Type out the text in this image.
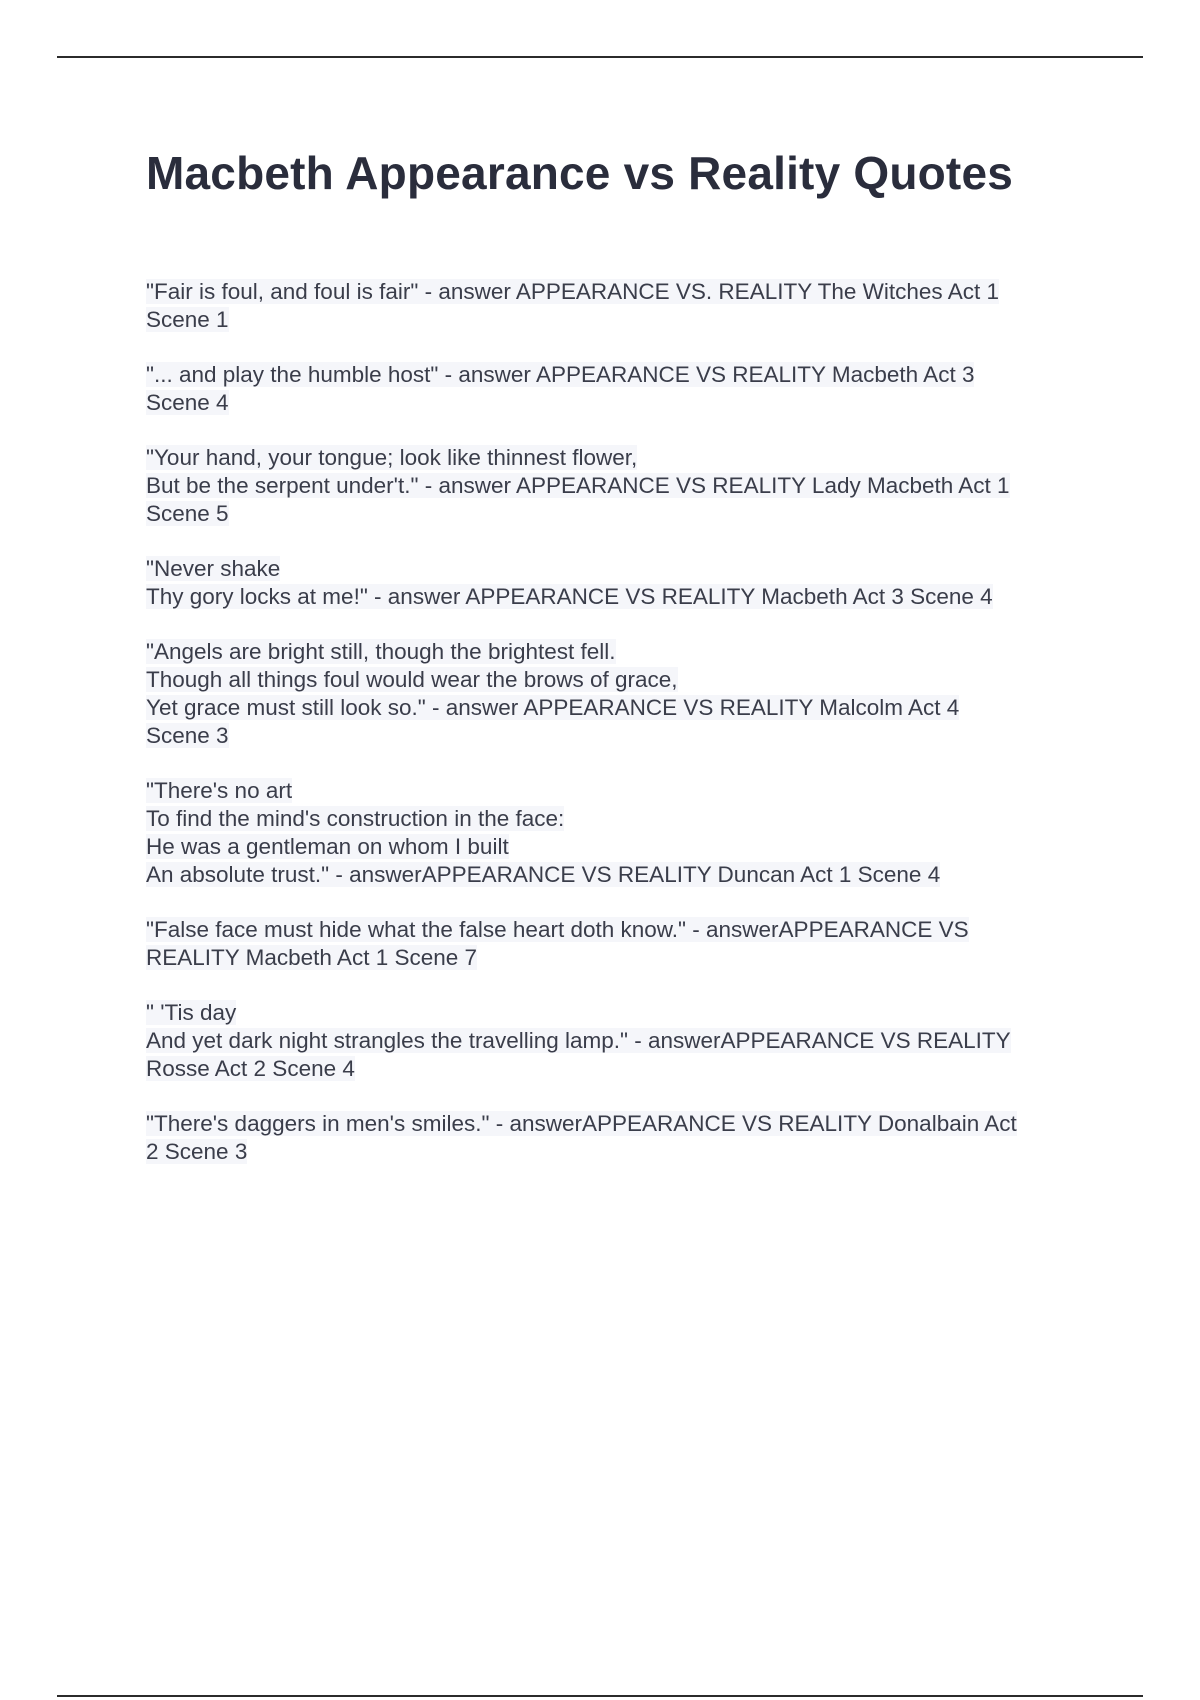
Macbeth Appearance vs Reality Quotes

"Fair is foul, and foul is fair" - answer APPEARANCE VS. REALITY The Witches Act 1
Scene 1

"... and play the humble host" - answer APPEARANCE VS REALITY Macbeth Act 3
Scene 4

"Your hand, your tongue; look like thinnest flower,
But be the serpent under't." - answer APPEARANCE VS REALITY Lady Macbeth Act 1
Scene 5

"Never shake
Thy gory locks at me!" - answer APPEARANCE VS REALITY Macbeth Act 3 Scene 4

"Angels are bright still, though the brightest fell.
Though all things foul would wear the brows of grace,
Yet grace must still look so." - answer APPEARANCE VS REALITY Malcolm Act 4
Scene 3

"There's no art
To find the mind's construction in the face:
He was a gentleman on whom I built
An absolute trust." - answerAPPEARANCE VS REALITY Duncan Act 1 Scene 4

"False face must hide what the false heart doth know." - answerAPPEARANCE VS
REALITY Macbeth Act 1 Scene 7

" 'Tis day
And yet dark night strangles the travelling lamp." - answerAPPEARANCE VS REALITY
Rosse Act 2 Scene 4

"There's daggers in men's smiles." - answerAPPEARANCE VS REALITY Donalbain Act
2 Scene 3
